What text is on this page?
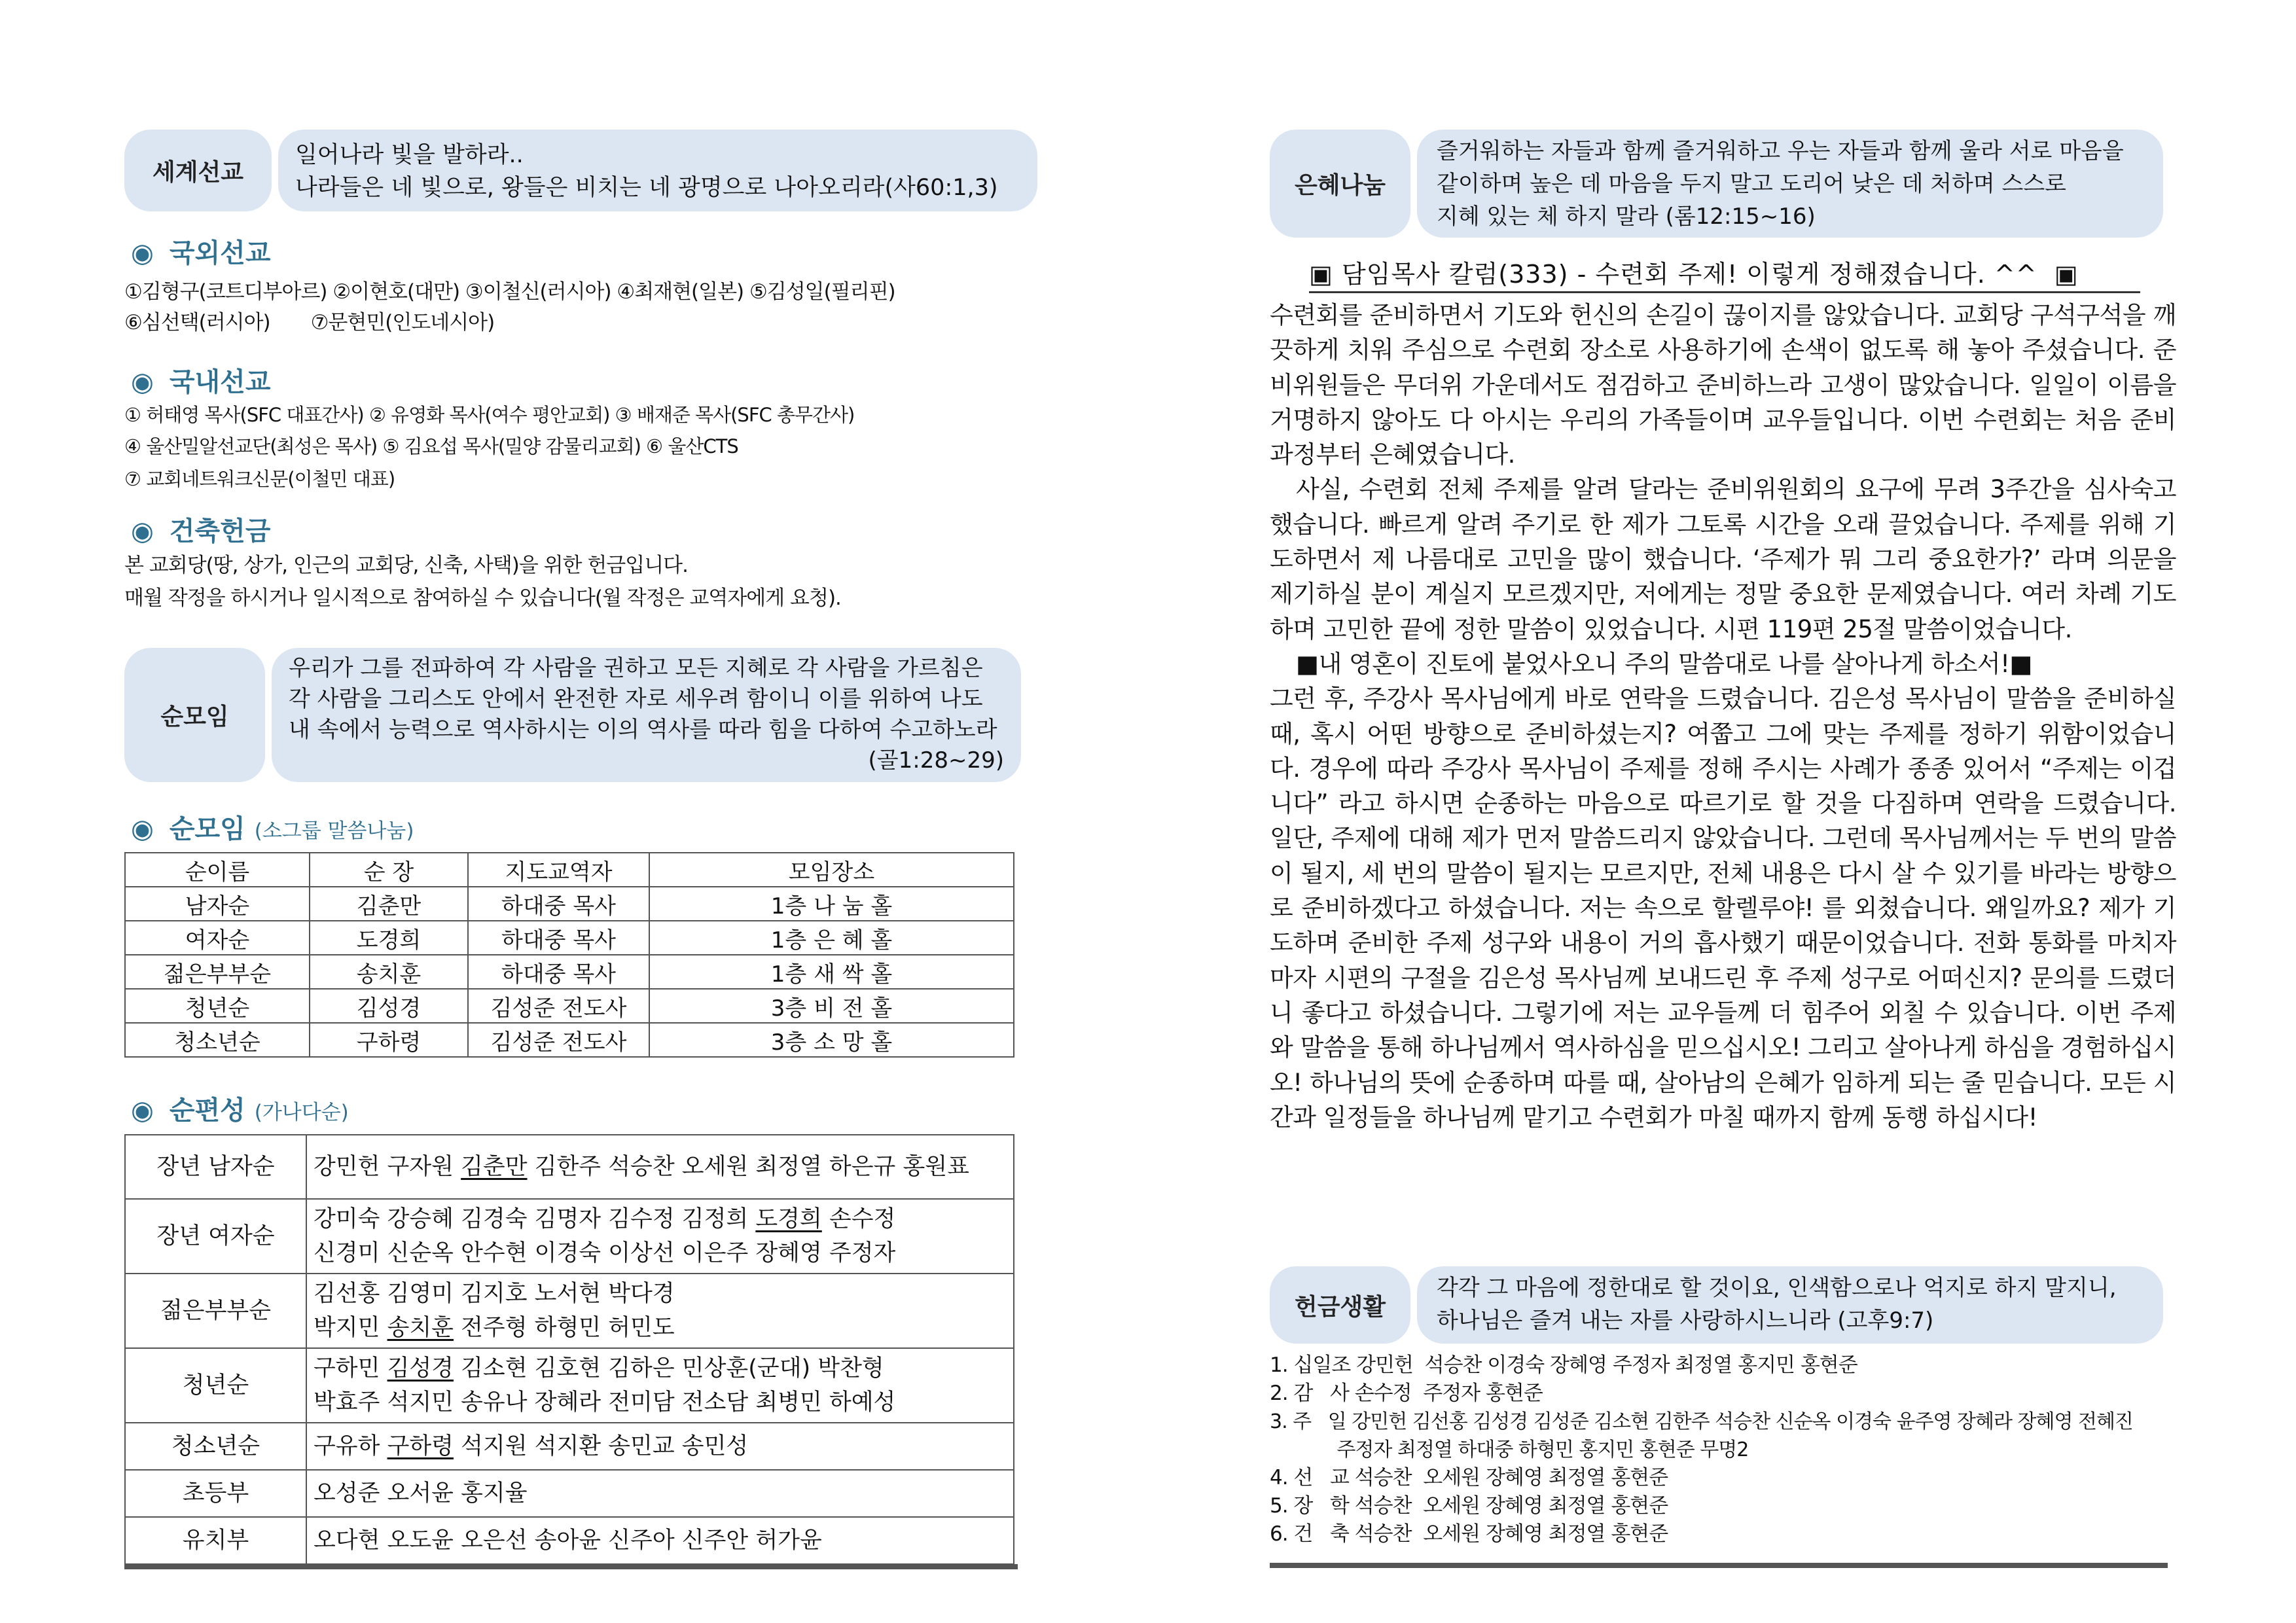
세계선교
일어나라 빛을 발하라..
나라들은 네 빛으로, 왕들은 비치는 네 광명으로 나아오리라(사60:1,3)
◉ 국외선교
①김형구(코트디부아르) ②이현호(대만) ③이철신(러시아) ④최재현(일본) ⑤김성일(필리핀)
⑥심선택(러시아)       ⑦문현민(인도네시아)
◉ 국내선교
① 허태영 목사(SFC 대표간사) ② 유영화 목사(여수 평안교회) ③ 배재준 목사(SFC 총무간사)
④ 울산밀알선교단(최성은 목사) ⑤ 김요섭 목사(밀양 감물리교회) ⑥ 울산CTS
⑦ 교회네트워크신문(이철민 대표)
◉ 건축헌금
본 교회당(땅, 상가, 인근의 교회당, 신축, 사택)을 위한 헌금입니다.
매월 작정을 하시거나 일시적으로 참여하실 수 있습니다(월 작정은 교역자에게 요청).
순모임
우리가 그를 전파하여 각 사람을 권하고 모든 지혜로 각 사람을 가르침은
각 사람을 그리스도 안에서 완전한 자로 세우려 함이니 이를 위하여 나도
내 속에서 능력으로 역사하시는 이의 역사를 따라 힘을 다하여 수고하노라
(골1:28~29)
◉ 순모임 (소그룹 말씀나눔)
순이름	순 장	지도교역자	모임장소
남자순	김춘만	하대중 목사	1층 나 눔 홀
여자순	도경희	하대중 목사	1층 은 혜 홀
젊은부부순	송치훈	하대중 목사	1층 새 싹 홀
청년순	김성경	김성준 전도사	3층 비 전 홀
청소년순	구하령	김성준 전도사	3층 소 망 홀
◉ 순편성 (가나다순)
장년 남자순	강민헌 구자원 김춘만 김한주 석승찬 오세원 최정열 하은규 홍원표
장년 여자순	강미숙 강승혜 김경숙 김명자 김수정 김정희 도경희 손수정
신경미 신순옥 안수현 이경숙 이상선 이은주 장혜영 주정자

젊은부부순	김선홍 김영미 김지호 노서현 박다경
박지민 송치훈 전주형 하형민 허민도

청년순	구하민 김성경 김소현 김호현 김하은 민상훈(군대) 박찬형
박효주 석지민 송유나 장혜라 전미담 전소담 최병민 하예성

청소년순	구유하 구하령 석지원 석지환 송민교 송민성
초등부	오성준 오서윤 홍지율
유치부	오다현 오도윤 오은선 송아윤 신주아 신주안 허가윤
은혜나눔
즐거워하는 자들과 함께 즐거워하고 우는 자들과 함께 울라 서로 마음을
같이하며 높은 데 마음을 두지 말고 도리어 낮은 데 처하며 스스로
지혜 있는 체 하지 말라 (롬12:15~16)
▣ 담임목사 칼럼(333) - 수련회 주제! 이렇게 정해졌습니다. ^^  ▣

수련회를 준비하면서 기도와 헌신의 손길이 끊이지를 않았습니다. 교회당 구석구석을 깨끗하게 치워 주심으로 수련회 장소로 사용하기에 손색이 없도록 해 놓아 주셨습니다. 준비위원들은 무더위 가운데서도 점검하고 준비하느라 고생이 많았습니다. 일일이 이름을 거명하지 않아도 다 아시는 우리의 가족들이며 교우들입니다. 이번 수련회는 처음 준비 과정부터 은혜였습니다.

사실, 수련회 전체 주제를 알려 달라는 준비위원회의 요구에 무려 3주간을 심사숙고했습니다. 빠르게 알려 주기로 한 제가 그토록 시간을 오래 끌었습니다. 주제를 위해 기도하면서 제 나름대로 고민을 많이 했습니다. ‘주제가 뭐 그리 중요한가?’ 라며 의문을 제기하실 분이 계실지 모르겠지만, 저에게는 정말 중요한 문제였습니다. 여러 차례 기도하며 고민한 끝에 정한 말씀이 있었습니다. 시편 119편 25절 말씀이었습니다.

■내 영혼이 진토에 붙었사오니 주의 말씀대로 나를 살아나게 하소서!■

그런 후, 주강사 목사님에게 바로 연락을 드렸습니다. 김은성 목사님이 말씀을 준비하실 때, 혹시 어떤 방향으로 준비하셨는지? 여쭙고 그에 맞는 주제를 정하기 위함이었습니다. 경우에 따라 주강사 목사님이 주제를 정해 주시는 사례가 종종 있어서 “주제는 이겁니다” 라고 하시면 순종하는 마음으로 따르기로 할 것을 다짐하며 연락을 드렸습니다. 일단, 주제에 대해 제가 먼저 말씀드리지 않았습니다. 그런데 목사님께서는 두 번의 말씀이 될지, 세 번의 말씀이 될지는 모르지만, 전체 내용은 다시 살 수 있기를 바라는 방향으로 준비하겠다고 하셨습니다. 저는 속으로 할렐루야! 를 외쳤습니다. 왜일까요? 제가 기도하며 준비한 주제 성구와 내용이 거의 흡사했기 때문이었습니다. 전화 통화를 마치자마자 시편의 구절을 김은성 목사님께 보내드린 후 주제 성구로 어떠신지? 문의를 드렸더니 좋다고 하셨습니다. 그렇기에 저는 교우들께 더 힘주어 외칠 수 있습니다. 이번 주제와 말씀을 통해 하나님께서 역사하심을 믿으십시오! 그리고 살아나게 하심을 경험하십시오! 하나님의 뜻에 순종하며 따를 때, 살아남의 은혜가 임하게 되는 줄 믿습니다. 모든 시간과 일정들을 하나님께 맡기고 수련회가 마칠 때까지 함께 동행 하십시다!

헌금생활
각각 그 마음에 정한대로 할 것이요, 인색함으로나 억지로 하지 말지니,
하나님은 즐겨 내는 자를 사랑하시느니라 (고후9:7)
1. 십일조 강민헌  석승찬 이경숙 장혜영 주정자 최정열 홍지민 홍현준
2. 감   사 손수정  주정자 홍현준
3. 주   일 강민헌 김선홍 김성경 김성준 김소현 김한주 석승찬 신순옥 이경숙 윤주영 장혜라 장혜영 전혜진
주정자 최정열 하대중 하형민 홍지민 홍현준 무명2
4. 선   교 석승찬  오세원 장혜영 최정열 홍현준
5. 장   학 석승찬  오세원 장혜영 최정열 홍현준
6. 건   축 석승찬  오세원 장혜영 최정열 홍현준
